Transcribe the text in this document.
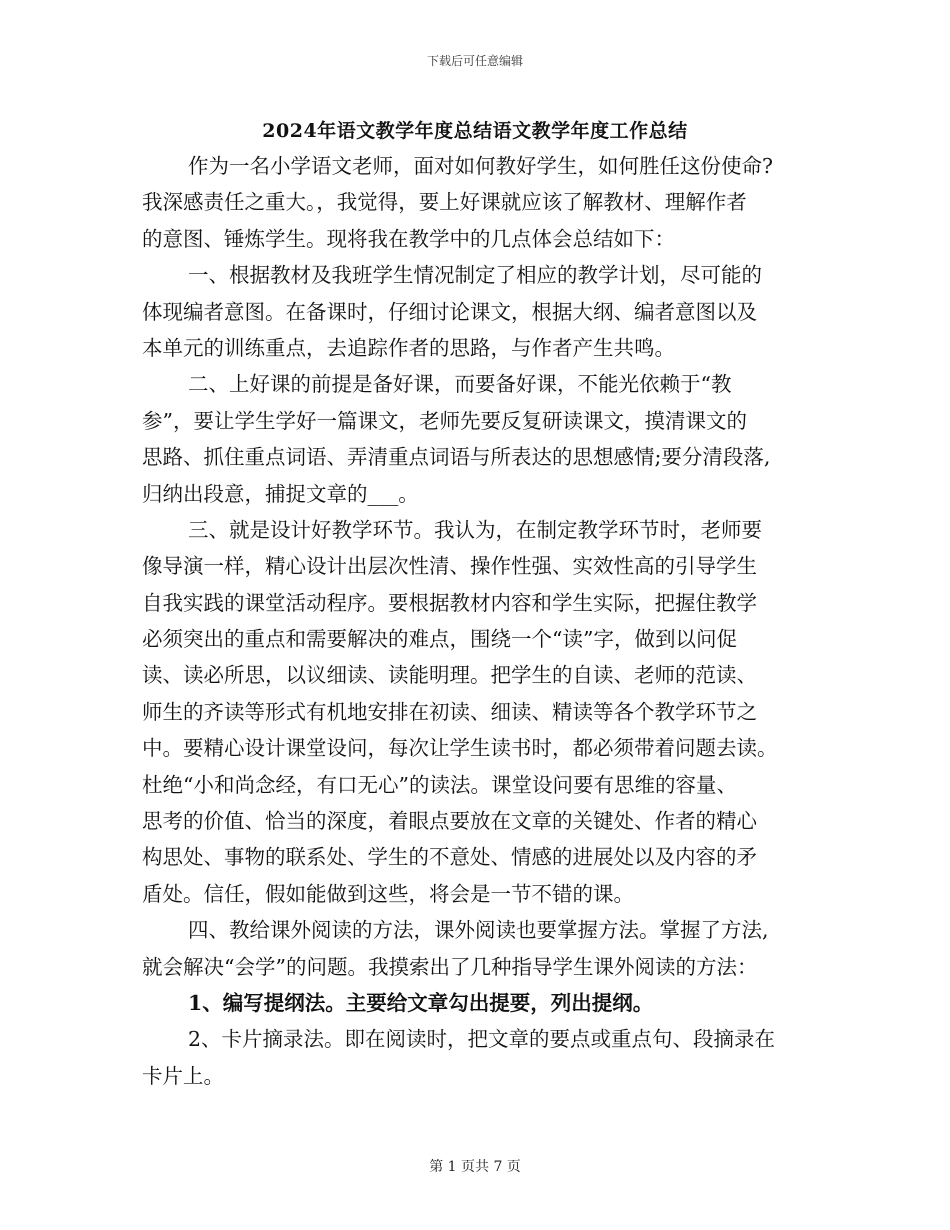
下载后可任意编辑
2024年语文教学年度总结语文教学年度工作总结
作为一名小学语文老师，面对如何教好学生，如何胜任这份使命?
我深感责任之重大。，我觉得，要上好课就应该了解教材、理解作者
的意图、锤炼学生。现将我在教学中的几点体会总结如下：
一、根据教材及我班学生情况制定了相应的教学计划，尽可能的
体现编者意图。在备课时，仔细讨论课文，根据大纲、编者意图以及
本单元的训练重点，去追踪作者的思路，与作者产生共鸣。
二、上好课的前提是备好课，而要备好课，不能光依赖于“教
参”，要让学生学好一篇课文，老师先要反复研读课文，摸清课文的
思路、抓住重点词语、弄清重点词语与所表达的思想感情;要分清段落,
归纳出段意，捕捉文章的___。
三、就是设计好教学环节。我认为，在制定教学环节时，老师要
像导演一样，精心设计出层次性清、操作性强、实效性高的引导学生
自我实践的课堂活动程序。要根据教材内容和学生实际，把握住教学
必须突出的重点和需要解决的难点，围绕一个“读”字，做到以问促
读、读必所思，以议细读、读能明理。把学生的自读、老师的范读、
师生的齐读等形式有机地安排在初读、细读、精读等各个教学环节之
中。要精心设计课堂设问，每次让学生读书时，都必须带着问题去读。
杜绝“小和尚念经，有口无心”的读法。课堂设问要有思维的容量、
思考的价值、恰当的深度，着眼点要放在文章的关键处、作者的精心
构思处、事物的联系处、学生的不意处、情感的进展处以及内容的矛
盾处。信任，假如能做到这些，将会是一节不错的课。
四、教给课外阅读的方法，课外阅读也要掌握方法。掌握了方法,
就会解决“会学”的问题。我摸索出了几种指导学生课外阅读的方法：
1、编写提纲法。主要给文章勾出提要，列出提纲。
2、卡片摘录法。即在阅读时，把文章的要点或重点句、段摘录在
卡片上。
第 1 页共 7 页
